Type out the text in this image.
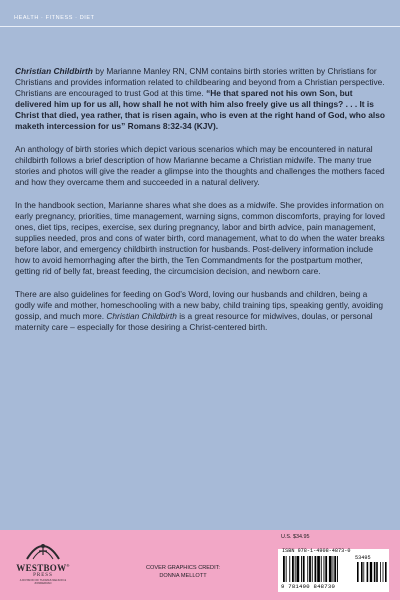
HEALTH · FITNESS · DIET

Christian Childbirth by Marianne Manley RN, CNM contains birth stories written by Christians for Christians and provides information related to childbearing and beyond from a Christian perspective. Christians are encouraged to trust God at this time. “He that spared not his own Son, but delivered him up for us all, how shall he not with him also freely give us all things? . . . It is Christ that died, yea rather, that is risen again, who is even at the right hand of God, who also maketh intercession for us” Romans 8:32-34 (KJV).

An anthology of birth stories which depict various scenarios which may be encountered in natural childbirth follows a brief description of how Marianne became a Christian midwife. The many true stories and photos will give the reader a glimpse into the thoughts and challenges the mothers faced and how they overcame them and succeeded in a natural delivery.

In the handbook section, Marianne shares what she does as a midwife. She provides information on early pregnancy, priorities, time management, warning signs, common discomforts, praying for loved ones, diet tips, recipes, exercise, sex during pregnancy, labor and birth advice, pain management, supplies needed, pros and cons of water birth, cord management, what to do when the water breaks before labor, and emergency childbirth instruction for husbands. Post-delivery information include how to avoid hemorrhaging after the birth, the Ten Commandments for the postpartum mother, getting rid of belly fat, breast feeding, the circumcision decision, and newborn care.

There are also guidelines for feeding on God’s Word, loving our husbands and children, being a godly wife and mother, homeschooling with a new baby, child training tips, speaking gently, avoiding gossip, and much more. Christian Childbirth is a great resource for midwives, doulas, or personal maternity care – especially for those desiring a Christ-centered birth.

WESTBOW®
PRESS
A DIVISION OF THOMAS NELSON & ZONDERVAN
COVER GRAPHICS CREDIT:
DONNA MELLOTT
U.S. $34.95
ISBN 978-1-4908-4873-0
53495
9 781490 848730
